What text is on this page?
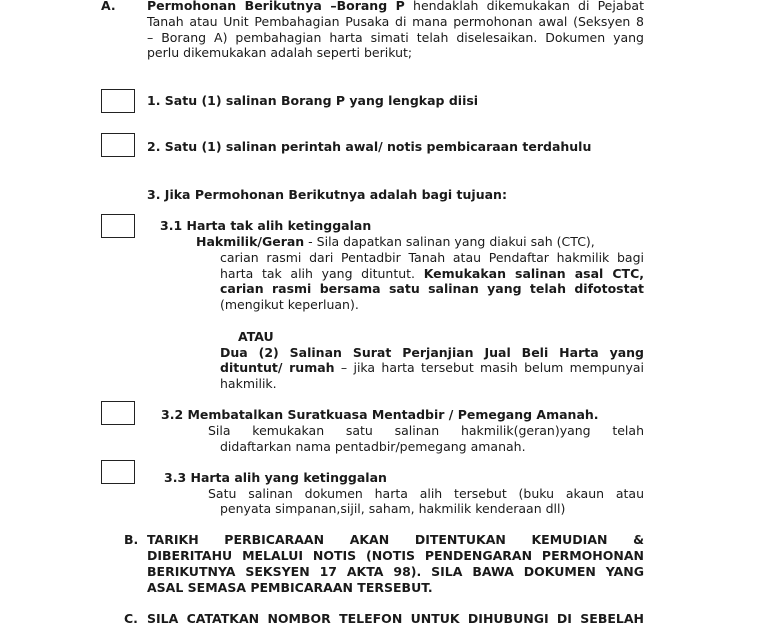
A.	Permohonan Berikutnya –Borang P hendaklah dikemukakan di Pejabat
Tanah atau Unit Pembahagian Pusaka di mana permohonan awal (Seksyen 8
– Borang A) pembahagian harta simati telah diselesaikan. Dokumen yang
perlu dikemukakan adalah seperti berikut;
1. Satu (1) salinan Borang P yang lengkap diisi
2. Satu (1) salinan perintah awal/ notis pembicaraan terdahulu
3. Jika Permohonan Berikutnya adalah bagi tujuan:
3.1 Harta tak alih ketinggalan
Hakmilik/Geran - Sila dapatkan salinan yang diakui sah (CTC),
carian rasmi dari Pentadbir Tanah atau Pendaftar hakmilik bagi
harta tak alih yang dituntut. Kemukakan salinan asal CTC,
carian rasmi bersama satu salinan yang telah difotostat
(mengikut keperluan).
ATAU
Dua (2) Salinan Surat Perjanjian Jual Beli Harta yang
dituntut/ rumah – jika harta tersebut masih belum mempunyai
hakmilik.
3.2 Membatalkan Suratkuasa Mentadbir / Pemegang Amanah.
Sila kemukakan satu salinan hakmilik(geran)yang telah
didaftarkan nama pentadbir/pemegang amanah.
3.3 Harta alih yang ketinggalan
Satu salinan dokumen harta alih tersebut (buku akaun atau
penyata simpanan,sijil, saham, hakmilik kenderaan dll)
B. TARIKH PERBICARAAN AKAN DITENTUKAN KEMUDIAN &
DIBERITAHU MELALUI NOTIS (NOTIS PENDENGARAN PERMOHONAN
BERIKUTNYA SEKSYEN 17 AKTA 98). SILA BAWA DOKUMEN YANG
ASAL SEMASA PEMBICARAAN TERSEBUT.
C. SILA CATATKAN NOMBOR TELEFON UNTUK DIHUBUNGI DI SEBELAH
